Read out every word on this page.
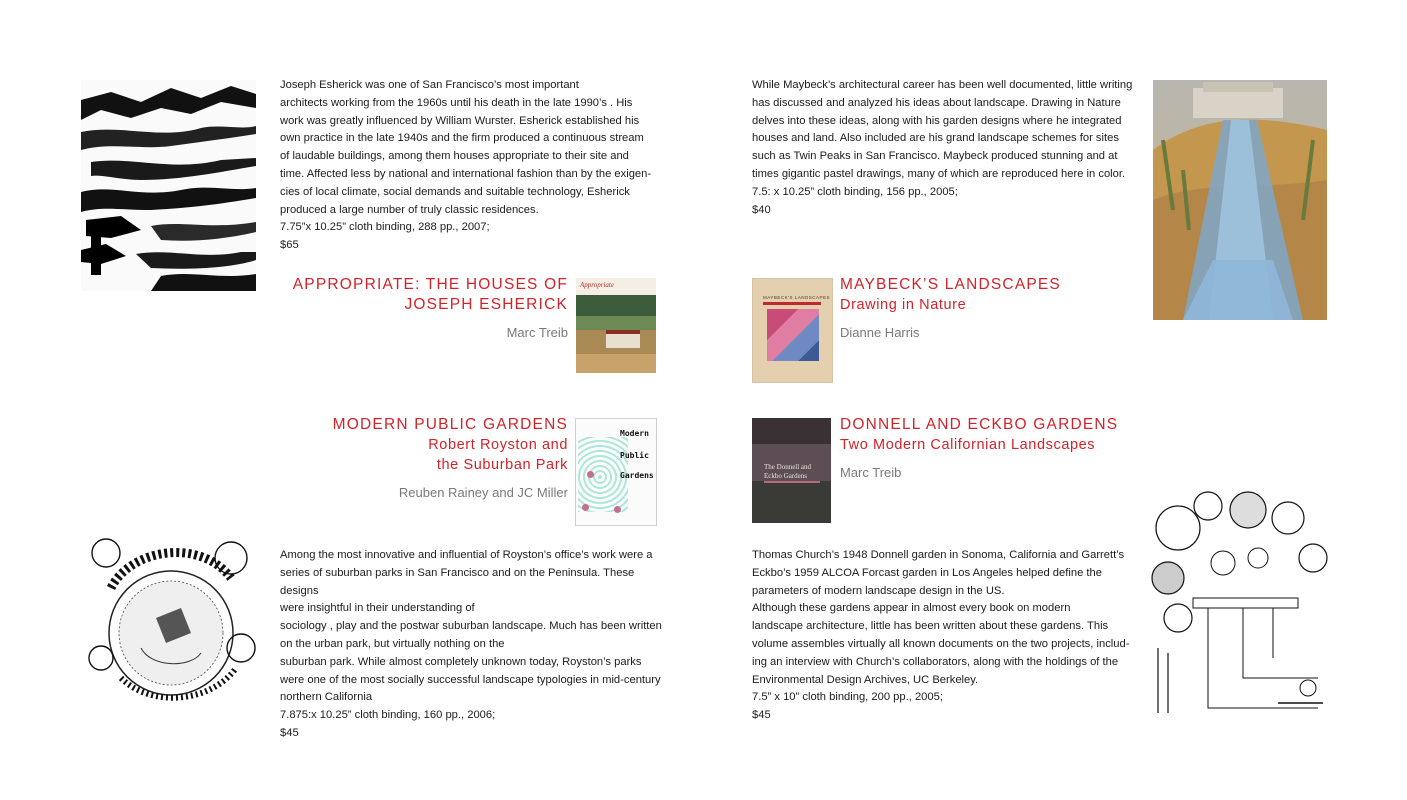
Joseph Esherick was one of San Francisco’s most important

architects working from the 1960s until his death in the late 1990’s . His

work was greatly influenced by William Wurster. Esherick established his

own practice in the late 1940s and the firm produced a continuous stream

of laudable buildings, among them houses appropriate to their site and

time. Affected less by national and international fashion than by the exigen-

cies of local climate, social demands and suitable technology, Esherick

produced a large number of truly classic residences.

7.75”x 10.25” cloth binding, 288 pp., 2007;

$65

APPROPRIATE: THE HOUSES OF
JOSEPH ESHERICK
Marc Treib
Appropriate

While Maybeck’s architectural career has been well documented, little writing

has discussed and analyzed his ideas about landscape. Drawing in Nature

delves into these ideas, along with his garden designs where he integrated

houses and land. Also included are his grand landscape schemes for sites

such as Twin Peaks in San Francisco. Maybeck produced stunning and at

times gigantic pastel drawings, many of which are reproduced here in color.

7.5: x 10.25” cloth binding, 156 pp., 2005;

$40

MAYBECK'S LANDSCAPES
MAYBECK’S LANDSCAPES
Drawing in Nature
Dianne Harris
MODERN PUBLIC GARDENS
Robert Royston and
the Suburban Park
Reuben Rainey and JC Miller
Modern
Public
Gardens

Among the most innovative and influential of Royston’s office’s work were a

series of suburban parks in San Francisco and on the Peninsula. These designs

were insightful in their understanding of

sociology , play and the postwar suburban landscape. Much has been written

on the urban park, but virtually nothing on the

suburban park. While almost completely unknown today, Royston’s parks

were one of the most socially successful landscape typologies in mid-century

northern California

7.875:x 10.25” cloth binding, 160 pp., 2006;

$45

The Donnell and
Eckbo Gardens
DONNELL AND ECKBO GARDENS
Two Modern Californian Landscapes
Marc Treib

Thomas Church’s 1948 Donnell garden in Sonoma, California and Garrett’s

Eckbo’s 1959 ALCOA Forcast garden in Los Angeles helped define the

parameters of modern landscape design in the US.

Although these gardens appear in almost every book on modern

landscape architecture, little has been written about these gardens. This

volume assembles virtually all known documents on the two projects, includ-

ing an interview with Church’s collaborators, along with the holdings of the

Environmental Design Archives, UC Berkeley.

7.5” x 10” cloth binding, 200 pp., 2005;

$45
